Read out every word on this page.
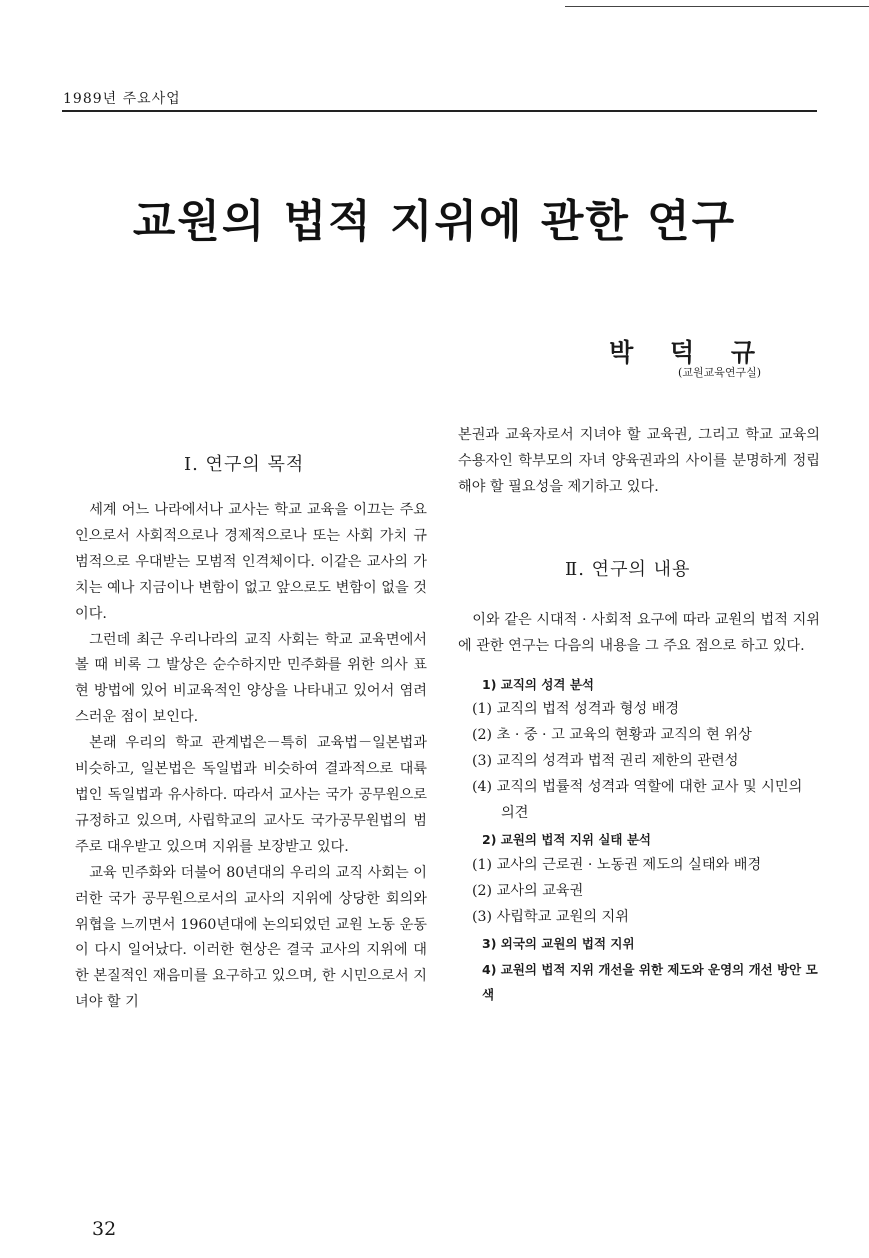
1989년 주요사업
교원의 법적 지위에 관한 연구
박 덕 규
(교원교육연구실)
Ⅰ. 연구의 목적

세계 어느 나라에서나 교사는 학교 교육을 이끄는 주요인으로서 사회적으로나 경제적으로나 또는 사회 가치 규범적으로 우대받는 모범적 인격체이다. 이같은 교사의 가치는 예나 지금이나 변함이 없고 앞으로도 변함이 없을 것이다.

그런데 최근 우리나라의 교직 사회는 학교 교육면에서 볼 때 비록 그 발상은 순수하지만 민주화를 위한 의사 표현 방법에 있어 비교육적인 양상을 나타내고 있어서 염려스러운 점이 보인다.

본래 우리의 학교 관계법은－특히 교육법－일본법과 비슷하고, 일본법은 독일법과 비슷하여 결과적으로 대륙법인 독일법과 유사하다. 따라서 교사는 국가 공무원으로 규정하고 있으며, 사립학교의 교사도 국가공무원법의 범주로 대우받고 있으며 지위를 보장받고 있다.

교육 민주화와 더불어 80년대의 우리의 교직 사회는 이러한 국가 공무원으로서의 교사의 지위에 상당한 회의와 위협을 느끼면서 1960년대에 논의되었던 교원 노동 운동이 다시 일어났다. 이러한 현상은 결국 교사의 지위에 대한 본질적인 재음미를 요구하고 있으며, 한 시민으로서 지녀야 할 기

본권과 교육자로서 지녀야 할 교육권, 그리고 학교 교육의 수용자인 학부모의 자녀 양육권과의 사이를 분명하게 정립해야 할 필요성을 제기하고 있다.

이와 같은 시대적 · 사회적 요구에 따라 교원의 법적 지위에 관한 연구는 다음의 내용을 그 주요 점으로 하고 있다.

1) 교직의 성격 분석
(1) 교직의 법적 성격과 형성 배경
(2) 초 · 중 · 고 교육의 현황과 교직의 현 위상
(3) 교직의 성격과 법적 권리 제한의 관련성
(4) 교직의 법률적 성격과 역할에 대한 교사 및 시민의 의견
2) 교원의 법적 지위 실태 분석
(1) 교사의 근로권 · 노동권 제도의 실태와 배경
(2) 교사의 교육권
(3) 사립학교 교원의 지위
3) 외국의 교원의 법적 지위
4) 교원의 법적 지위 개선을 위한 제도와 운영의 개선 방안 모색
Ⅱ. 연구의 내용
32
